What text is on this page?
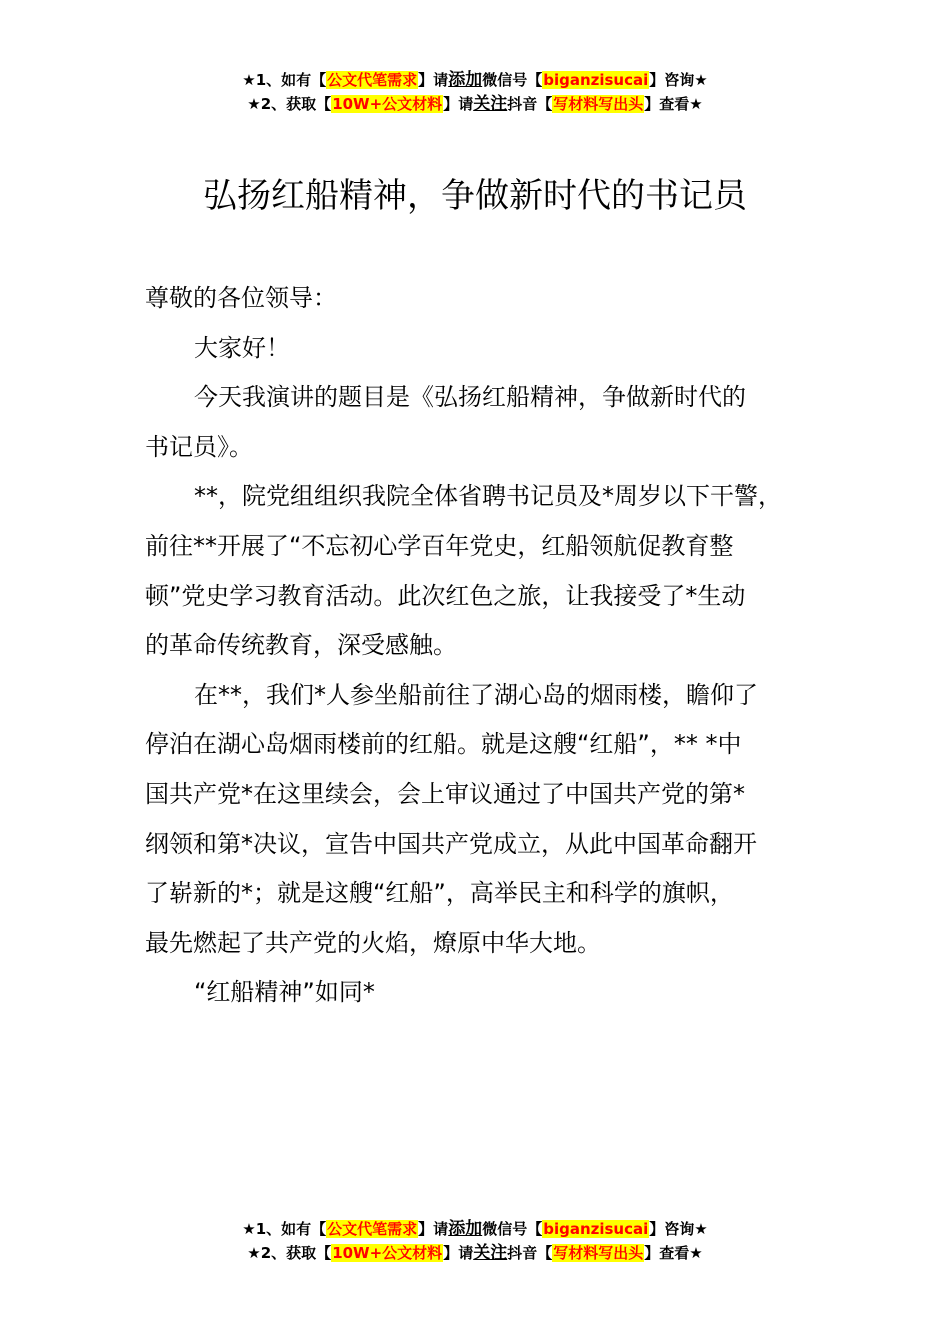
★1、如有【公文代笔需求】请添加微信号【biganzisucai】咨询★
★2、获取【10W+公文材料】请关注抖音【写材料写出头】查看★
弘扬红船精神，争做新时代的书记员

尊敬的各位领导：

大家好！

今天我演讲的题目是《弘扬红船精神，争做新时代的

书记员》。

**，院党组组织我院全体省聘书记员及*周岁以下干警，

前往**开展了“不忘初心学百年党史，红船领航促教育整

顿”党史学习教育活动。此次红色之旅，让我接受了*生动

的革命传统教育，深受感触。

在**，我们*人参坐船前往了湖心岛的烟雨楼，瞻仰了

停泊在湖心岛烟雨楼前的红船。就是这艘“红船”，** *中

国共产党*在这里续会，会上审议通过了中国共产党的第*

纲领和第*决议，宣告中国共产党成立，从此中国革命翻开

了崭新的*；就是这艘“红船”，高举民主和科学的旗帜，

最先燃起了共产党的火焰，燎原中华大地。

“红船精神”如同*

★1、如有【公文代笔需求】请添加微信号【biganzisucai】咨询★
★2、获取【10W+公文材料】请关注抖音【写材料写出头】查看★
